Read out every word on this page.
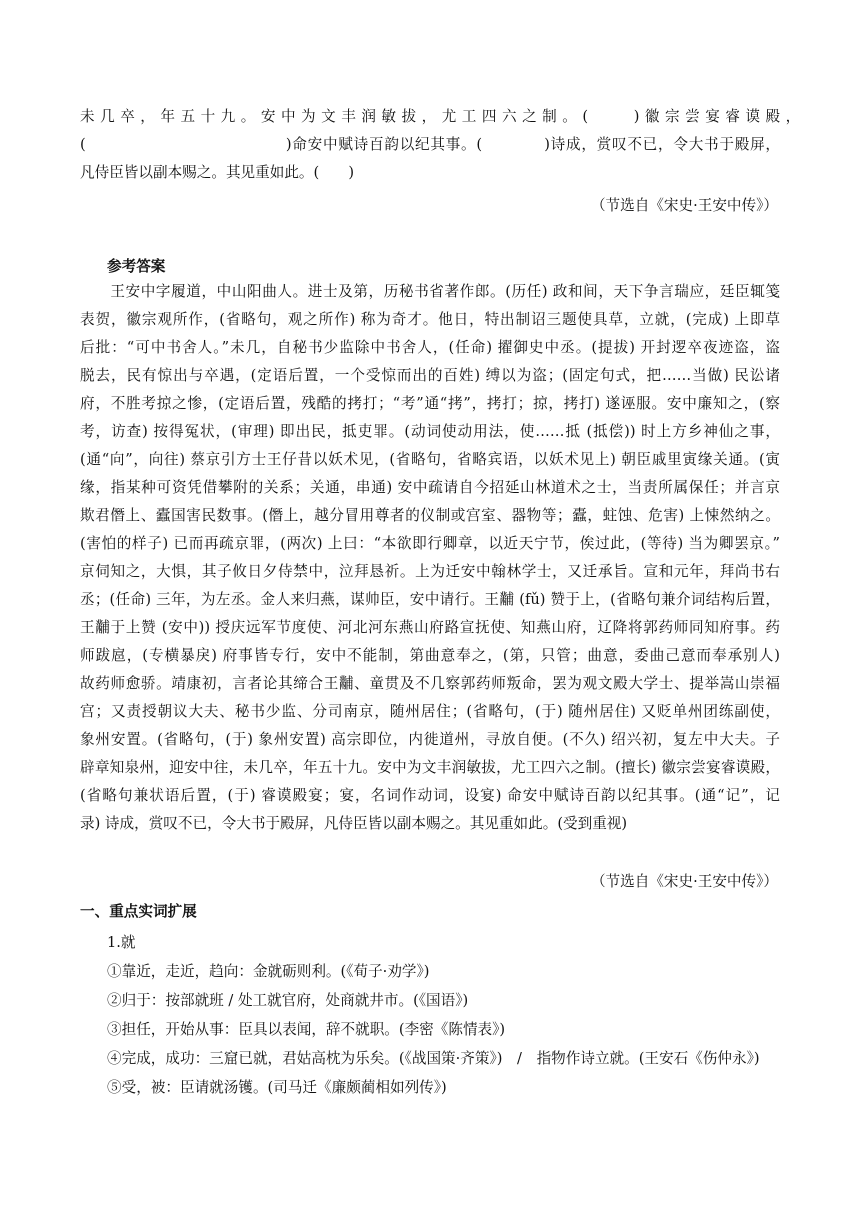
未几卒，年五十九。安中为文丰润敏拔，尤工四六之制。(　　)徽宗尝宴睿谟殿，
(　　　　　　　　　　　　　)命安中赋诗百韵以纪其事。(　　　　)诗成，赏叹不已，令大书于殿屏，
凡侍臣皆以副本赐之。其见重如此。(　　)
（节选自《宋史·王安中传》）
参考答案
　　王安中字履道，中山阳曲人。进士及第，历秘书省著作郎。(历任) 政和间，天下争言瑞应，廷臣辄笺
表贺，徽宗观所作，(省略句，观之所作) 称为奇才。他日，特出制诏三题使具草，立就，(完成) 上即草
后批：“可中书舍人。”未几，自秘书少监除中书舍人，(任命) 擢御史中丞。(提拔) 开封逻卒夜迹盗，盗
脱去，民有惊出与卒遇，(定语后置，一个受惊而出的百姓) 缚以为盗；(固定句式，把……当做) 民讼诸
府，不胜考掠之惨，(定语后置，残酷的拷打；“考”通“拷”，拷打；掠，拷打) 遂诬服。安中廉知之，(察
考，访查) 按得冤状，(审理) 即出民，抵吏罪。(动词使动用法，使……抵 (抵偿)) 时上方乡神仙之事，
(通“向”，向往) 蔡京引方士王仔昔以妖术见，(省略句，省略宾语，以妖术见上) 朝臣戚里寅缘关通。(寅
缘，指某种可资凭借攀附的关系；关通，串通) 安中疏请自今招延山林道术之士，当责所属保任；并言京
欺君僭上、蠹国害民数事。(僭上，越分冒用尊者的仪制或宫室、器物等；蠹，蛀蚀、危害) 上悚然纳之。
(害怕的样子) 已而再疏京罪，(两次) 上曰：“本欲即行卿章，以近天宁节，俟过此，(等待) 当为卿罢京。”
京伺知之，大惧，其子攸日夕侍禁中，泣拜恳祈。上为迁安中翰林学士，又迁承旨。宣和元年，拜尚书右
丞；(任命) 三年，为左丞。金人来归燕，谋帅臣，安中请行。王黼 (fǔ) 赞于上，(省略句兼介词结构后置，
王黼于上赞 (安中)) 授庆远军节度使、河北河东燕山府路宣抚使、知燕山府，辽降将郭药师同知府事。药
师跋扈，(专横暴戾) 府事皆专行，安中不能制，第曲意奉之，(第，只管；曲意，委曲己意而奉承别人)
故药师愈骄。靖康初，言者论其缔合王黼、童贯及不几察郭药师叛命，罢为观文殿大学士、提举嵩山崇福
宫；又责授朝议大夫、秘书少监、分司南京，随州居住；(省略句，(于) 随州居住) 又贬单州团练副使，
象州安置。(省略句，(于) 象州安置) 高宗即位，内徙道州，寻放自便。(不久) 绍兴初，复左中大夫。子
辟章知泉州，迎安中往，未几卒，年五十九。安中为文丰润敏拔，尤工四六之制。(擅长) 徽宗尝宴睿谟殿，
(省略句兼状语后置，(于) 睿谟殿宴；宴，名词作动词，设宴) 命安中赋诗百韵以纪其事。(通“记”，记
录) 诗成，赏叹不已，令大书于殿屏，凡侍臣皆以副本赐之。其见重如此。(受到重视)
（节选自《宋史·王安中传》）
一、重点实词扩展
1.就
①靠近，走近，趋向：金就砺则利。(《荀子·劝学》)
②归于：按部就班 / 处工就官府，处商就井市。(《国语》)
③担任，开始从事：臣具以表闻，辞不就职。(李密《陈情表》)
④完成，成功：三窟已就，君姑高枕为乐矣。(《战国策·齐策》)　/　指物作诗立就。(王安石《伤仲永》)
⑤受，被：臣请就汤镬。(司马迁《廉颇蔺相如列传》)
